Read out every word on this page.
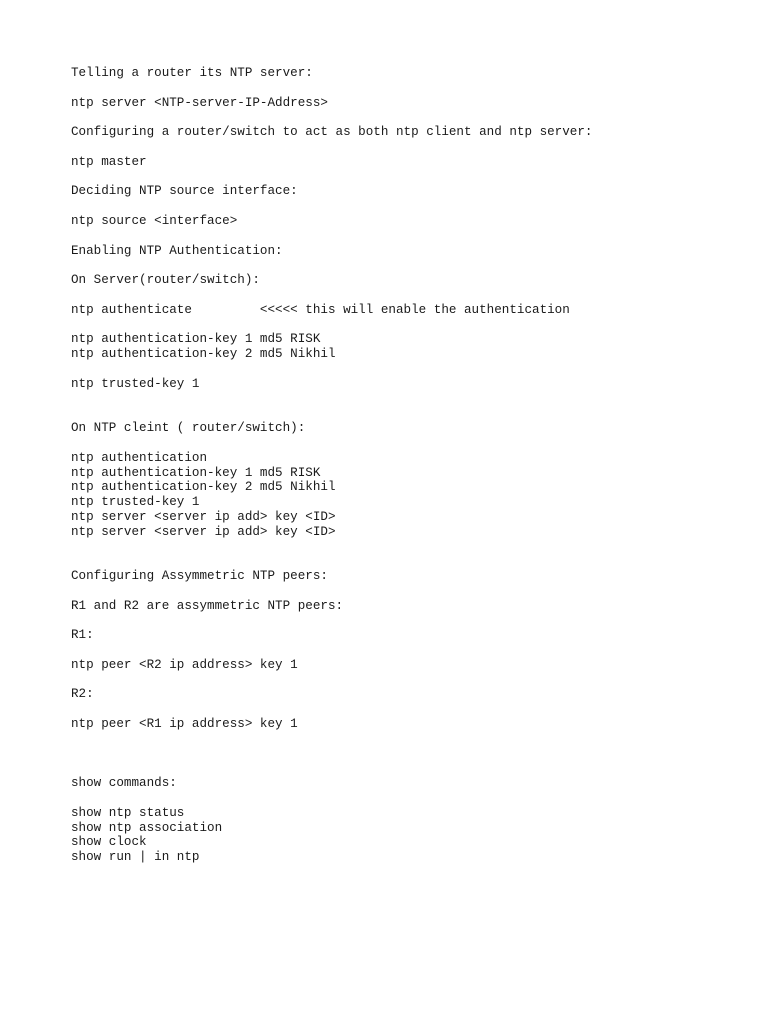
Telling a router its NTP server:
ntp server <NTP-server-IP-Address>
Configuring a router/switch to act as both ntp client and ntp server:
ntp master
Deciding NTP source interface:
ntp source <interface>
Enabling NTP Authentication:
On Server(router/switch):
ntp authenticate         <<<<< this will enable the authentication
ntp authentication-key 1 md5 RISK
ntp authentication-key 2 md5 Nikhil
ntp trusted-key 1
On NTP cleint ( router/switch):
ntp authentication
ntp authentication-key 1 md5 RISK
ntp authentication-key 2 md5 Nikhil
ntp trusted-key 1
ntp server <server ip add> key <ID>
ntp server <server ip add> key <ID>
Configuring Assymmetric NTP peers:
R1 and R2 are assymmetric NTP peers:
R1:
ntp peer <R2 ip address> key 1
R2:
ntp peer <R1 ip address> key 1
show commands:
show ntp status
show ntp association
show clock
show run | in ntp
